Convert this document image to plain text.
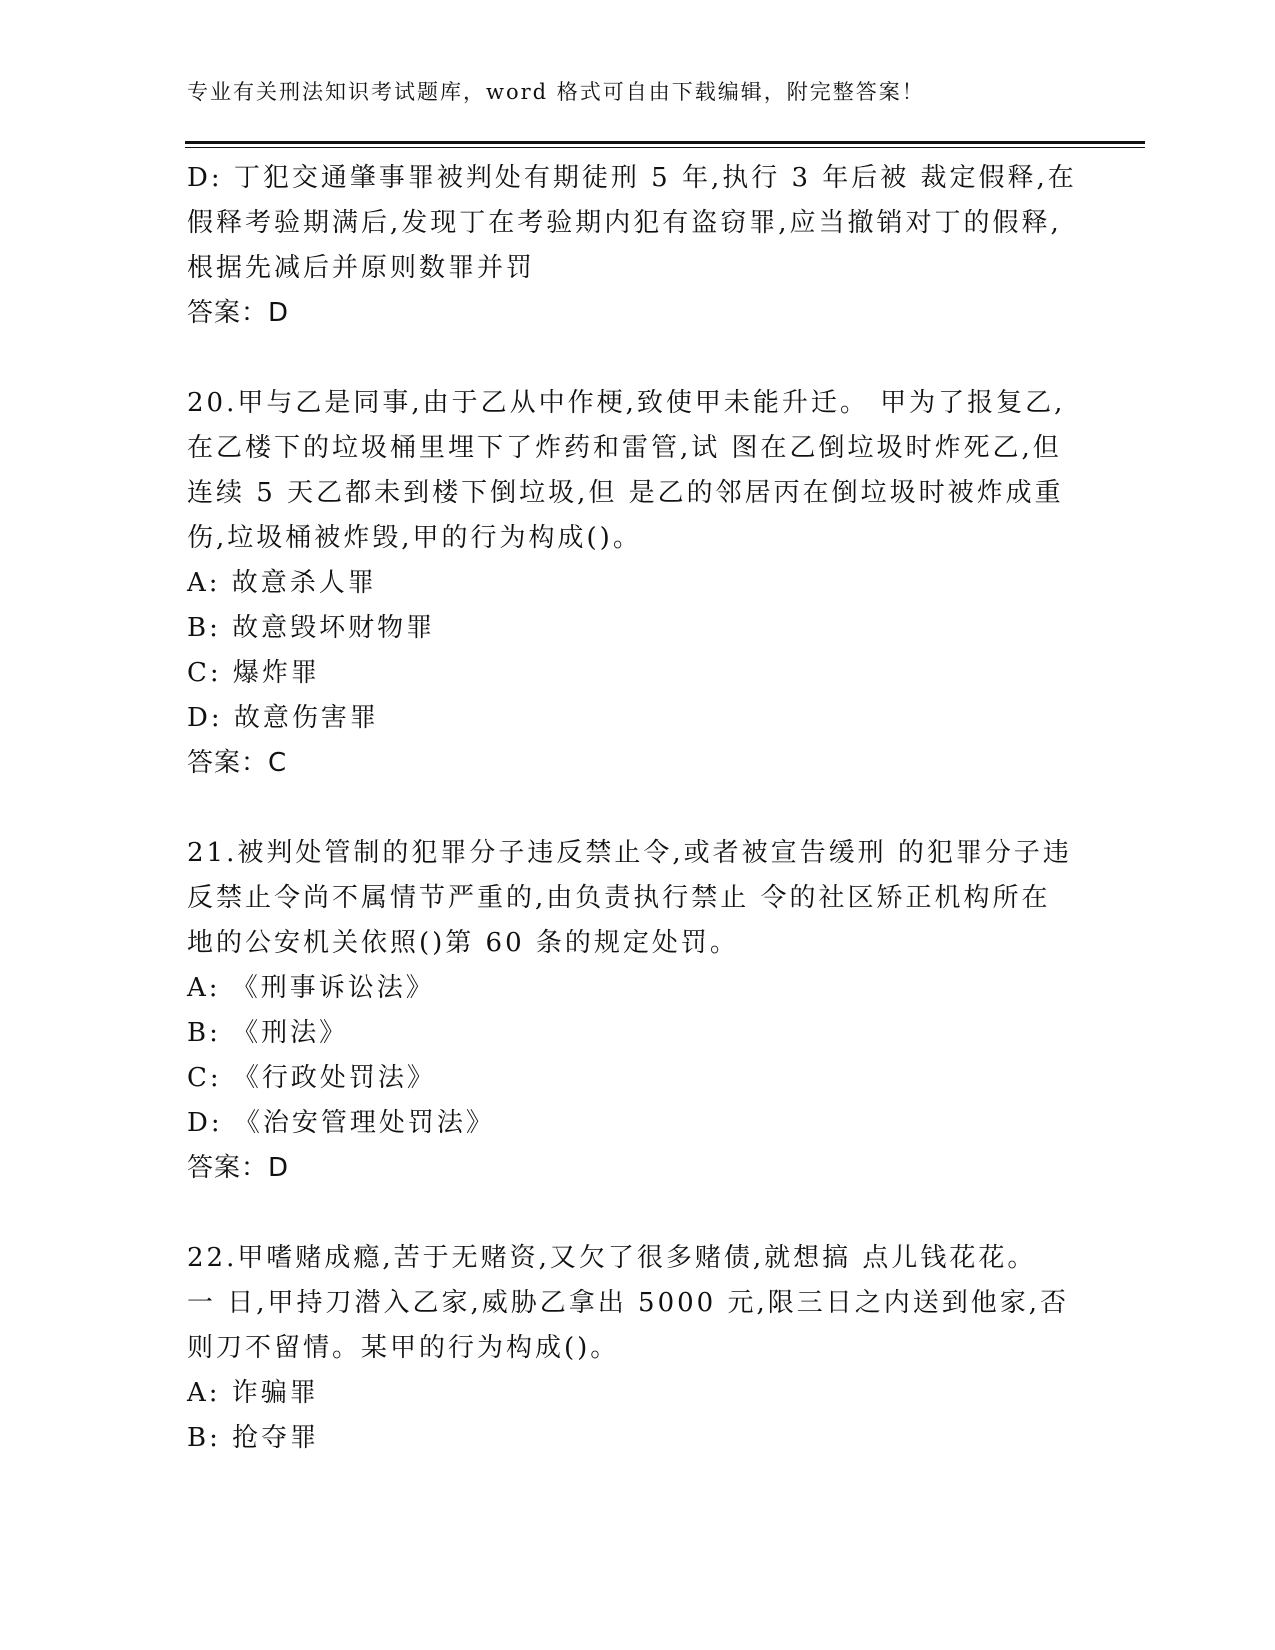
专业有关刑法知识考试题库，word 格式可自由下载编辑，附完整答案！
D: 丁犯交通肇事罪被判处有期徒刑 5 年,执行 3 年后被 裁定假释,在
假释考验期满后,发现丁在考验期内犯有盗窃罪,应当撤销对丁的假释,
根据先减后并原则数罪并罚
答案：D
20.甲与乙是同事,由于乙从中作梗,致使甲未能升迁。 甲为了报复乙,
在乙楼下的垃圾桶里埋下了炸药和雷管,试 图在乙倒垃圾时炸死乙,但
连续 5 天乙都未到楼下倒垃圾,但 是乙的邻居丙在倒垃圾时被炸成重
伤,垃圾桶被炸毁,甲的行为构成()。
A: 故意杀人罪
B: 故意毁坏财物罪
C: 爆炸罪
D: 故意伤害罪
答案：C
21.被判处管制的犯罪分子违反禁止令,或者被宣告缓刑 的犯罪分子违
反禁止令尚不属情节严重的,由负责执行禁止 令的社区矫正机构所在
地的公安机关依照()第 60 条的规定处罚。
A: 《刑事诉讼法》
B: 《刑法》
C: 《行政处罚法》
D: 《治安管理处罚法》
答案：D
22.甲嗜赌成瘾,苦于无赌资,又欠了很多赌债,就想搞 点儿钱花花。
一 日,甲持刀潜入乙家,威胁乙拿出 5000 元,限三日之内送到他家,否
则刀不留情。某甲的行为构成()。
A: 诈骗罪
B: 抢夺罪
